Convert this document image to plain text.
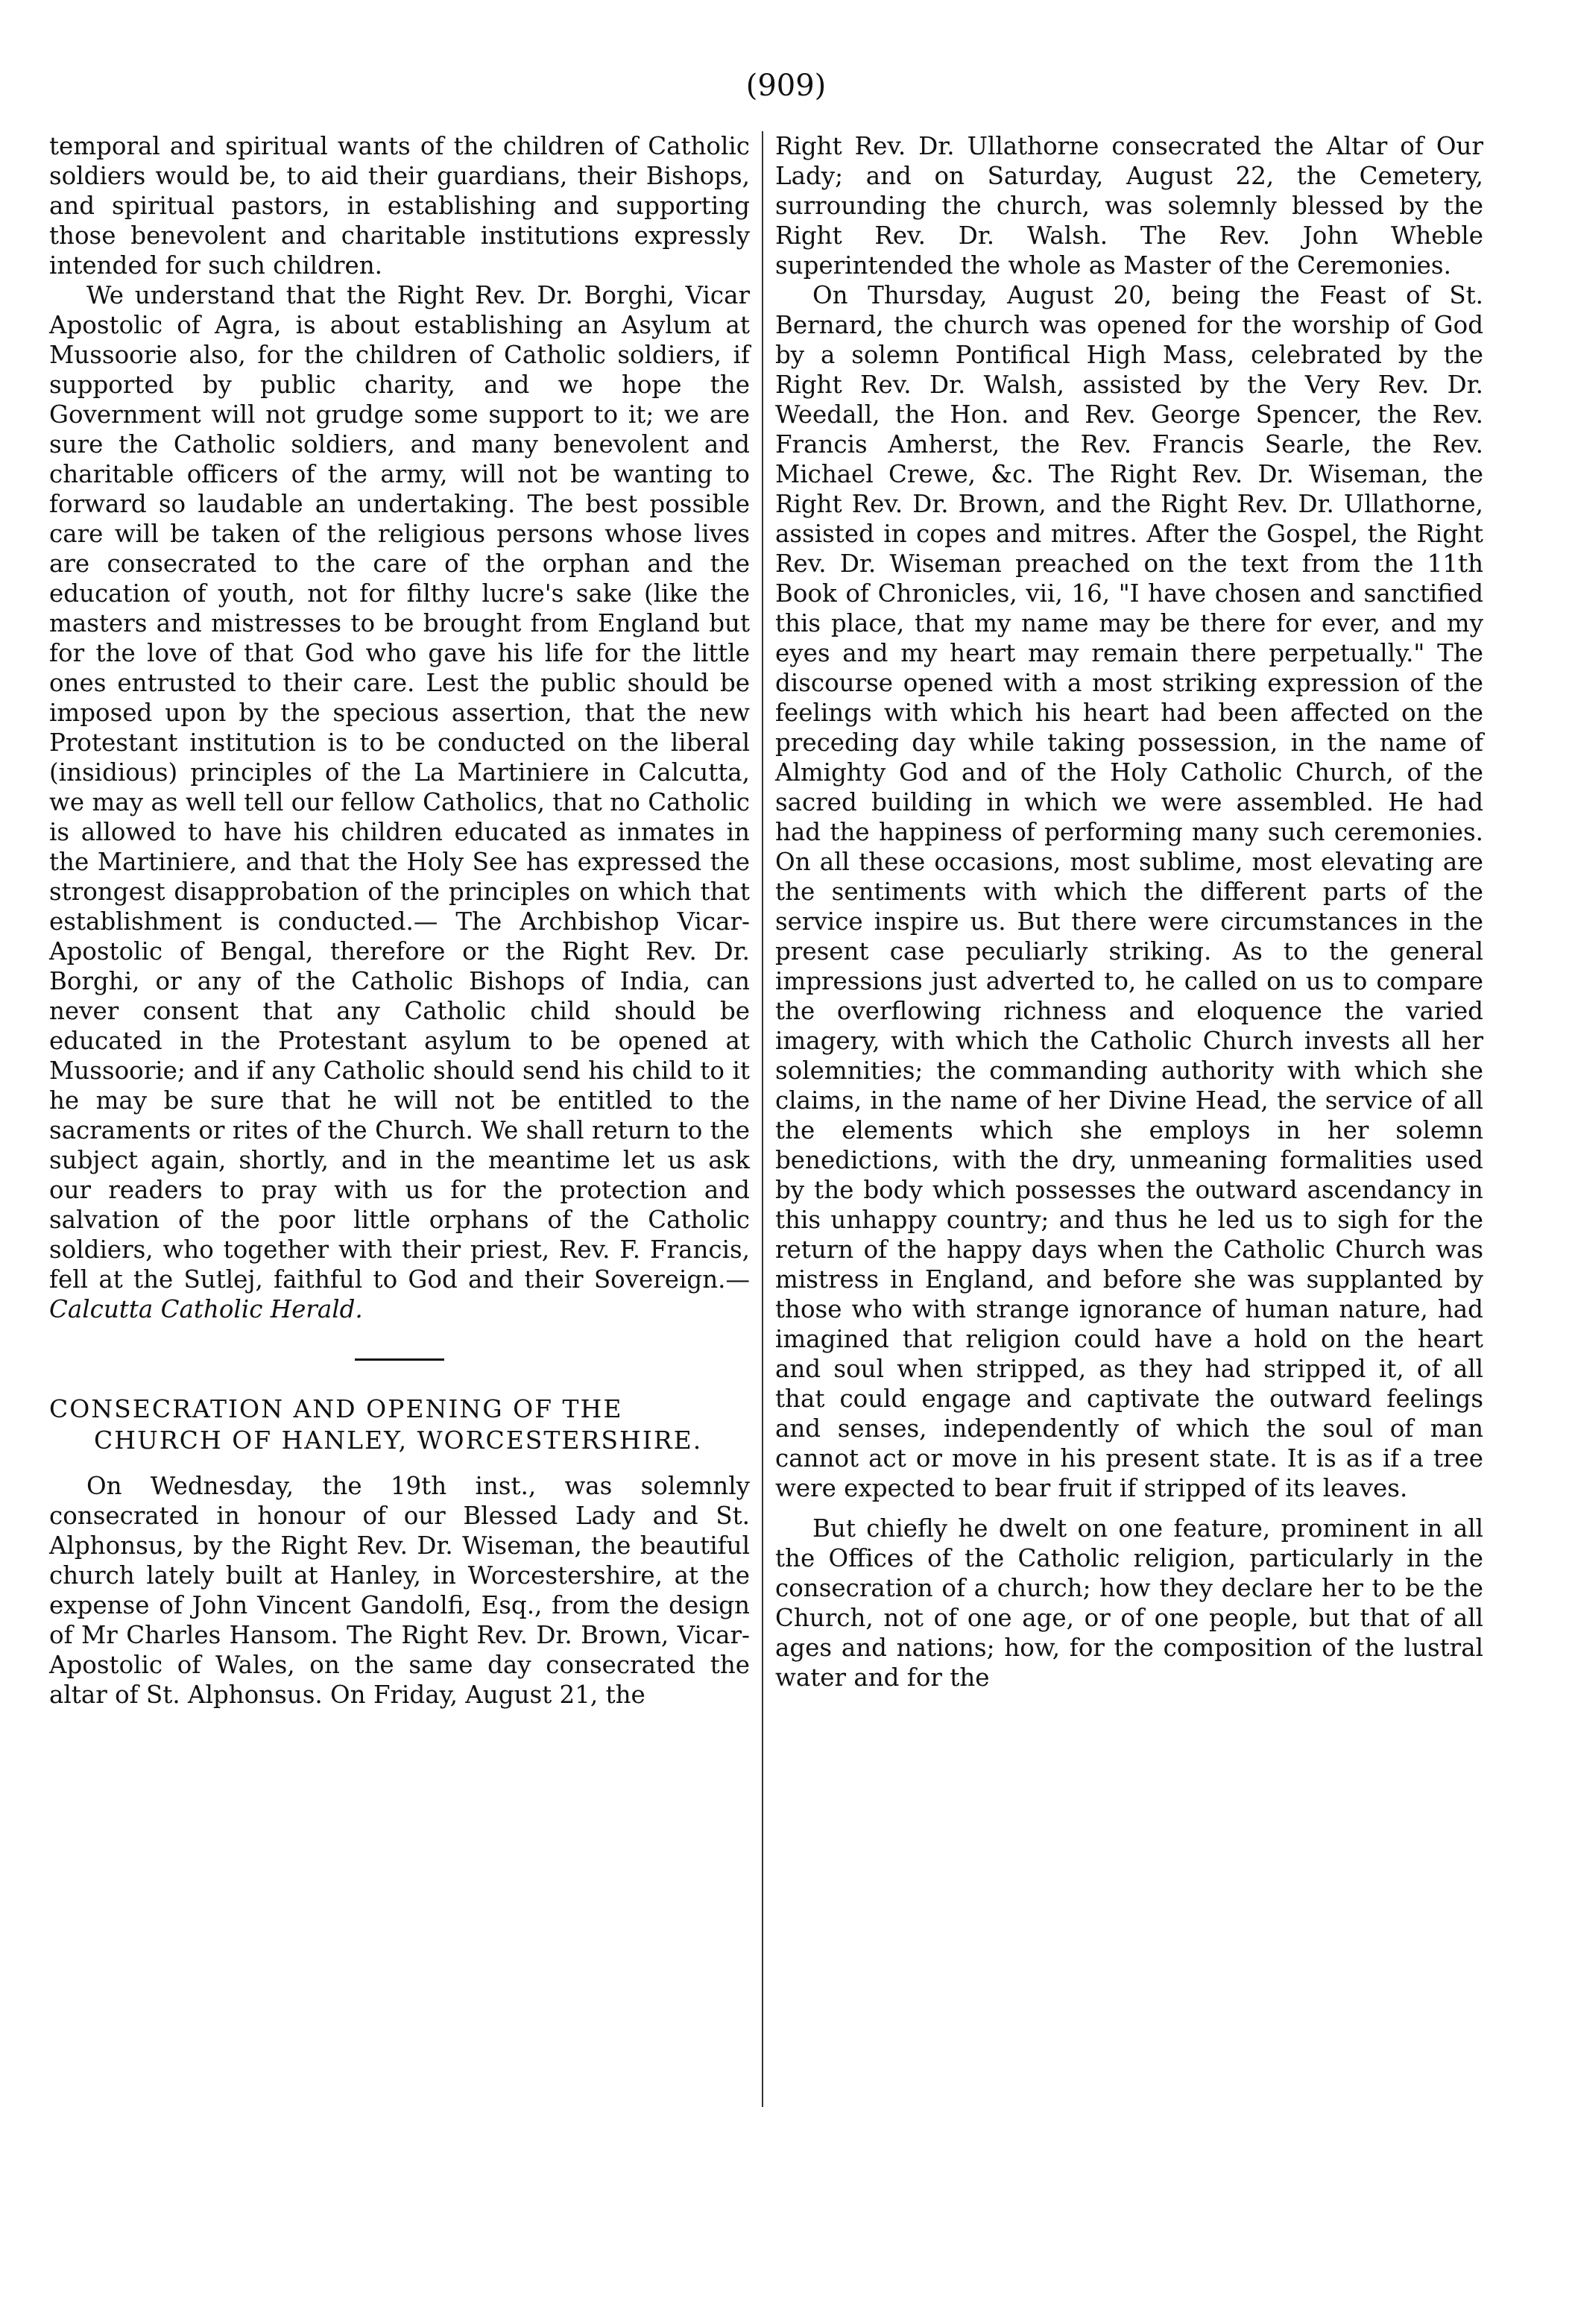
(909)

temporal and spiritual wants of the children of Catholic soldiers would be, to aid their guardians, their Bishops, and spiritual pastors, in establishing and supporting those benevolent and charitable institutions expressly intended for such children.

We understand that the Right Rev. Dr. Borghi, Vicar Apostolic of Agra, is about establishing an Asylum at Mussoorie also, for the children of Catholic soldiers, if supported by public charity, and we hope the Government will not grudge some support to it; we are sure the Catholic soldiers, and many benevolent and charitable officers of the army, will not be wanting to forward so laudable an undertaking. The best possible care will be taken of the religious persons whose lives are consecrated to the care of the orphan and the education of youth, not for filthy lucre's sake (like the masters and mistresses to be brought from England but for the love of that God who gave his life for the little ones entrusted to their care. Lest the public should be imposed upon by the specious assertion, that the new Protestant institution is to be conducted on the liberal (insidious) principles of the La Martiniere in Calcutta, we may as well tell our fellow Catholics, that no Catholic is allowed to have his children educated as inmates in the Martiniere, and that the Holy See has expressed the strongest disapprobation of the principles on which that establishment is conducted.— The Archbishop Vicar-Apostolic of Bengal, therefore or the Right Rev. Dr. Borghi, or any of the Catholic Bishops of India, can never consent that any Catholic child should be educated in the Protestant asylum to be opened at Mussoorie; and if any Catholic should send his child to it he may be sure that he will not be entitled to the sacraments or rites of the Church. We shall return to the subject again, shortly, and in the meantime let us ask our readers to pray with us for the protection and salvation of the poor little orphans of the Catholic soldiers, who together with their priest, Rev. F. Francis, fell at the Sutlej, faithful to God and their Sovereign.—Calcutta Catholic Herald.

CONSECRATION AND OPENING OF THE CHURCH OF HANLEY, WORCESTERSHIRE.

On Wednesday, the 19th inst., was solemnly consecrated in honour of our Blessed Lady and St. Alphonsus, by the Right Rev. Dr. Wiseman, the beautiful church lately built at Hanley, in Worcestershire, at the expense of John Vincent Gandolfi, Esq., from the design of Mr Charles Hansom. The Right Rev. Dr. Brown, Vicar-Apostolic of Wales, on the same day consecrated the altar of St. Alphonsus. On Friday, August 21, the

Right Rev. Dr. Ullathorne consecrated the Altar of Our Lady; and on Saturday, August 22, the Cemetery, surrounding the church, was solemnly blessed by the Right Rev. Dr. Walsh. The Rev. John Wheble superintended the whole as Master of the Ceremonies.

On Thursday, August 20, being the Feast of St. Bernard, the church was opened for the worship of God by a solemn Pontifical High Mass, celebrated by the Right Rev. Dr. Walsh, assisted by the Very Rev. Dr. Weedall, the Hon. and Rev. George Spencer, the Rev. Francis Amherst, the Rev. Francis Searle, the Rev. Michael Crewe, &c. The Right Rev. Dr. Wiseman, the Right Rev. Dr. Brown, and the Right Rev. Dr. Ullathorne, assisted in copes and mitres. After the Gospel, the Right Rev. Dr. Wiseman preached on the text from the 11th Book of Chronicles, vii, 16, "I have chosen and sanctified this place, that my name may be there for ever, and my eyes and my heart may remain there perpetually." The discourse opened with a most striking expression of the feelings with which his heart had been affected on the preceding day while taking possession, in the name of Almighty God and of the Holy Catholic Church, of the sacred building in which we were assembled. He had had the happiness of performing many such ceremonies. On all these occasions, most sublime, most elevating are the sentiments with which the different parts of the service inspire us. But there were circumstances in the present case peculiarly striking. As to the general impressions just adverted to, he called on us to compare the overflowing richness and eloquence the varied imagery, with which the Catholic Church invests all her solemnities; the commanding authority with which she claims, in the name of her Divine Head, the service of all the elements which she employs in her solemn benedictions, with the dry, unmeaning formalities used by the body which possesses the outward ascendancy in this unhappy country; and thus he led us to sigh for the return of the happy days when the Catholic Church was mistress in England, and before she was supplanted by those who with strange ignorance of human nature, had imagined that religion could have a hold on the heart and soul when stripped, as they had stripped it, of all that could engage and captivate the outward feelings and senses, independently of which the soul of man cannot act or move in his present state. It is as if a tree were expected to bear fruit if stripped of its leaves.

But chiefly he dwelt on one feature, prominent in all the Offices of the Catholic religion, particularly in the consecration of a church; how they declare her to be the Church, not of one age, or of one people, but that of all ages and nations; how, for the composition of the lustral water and for the
